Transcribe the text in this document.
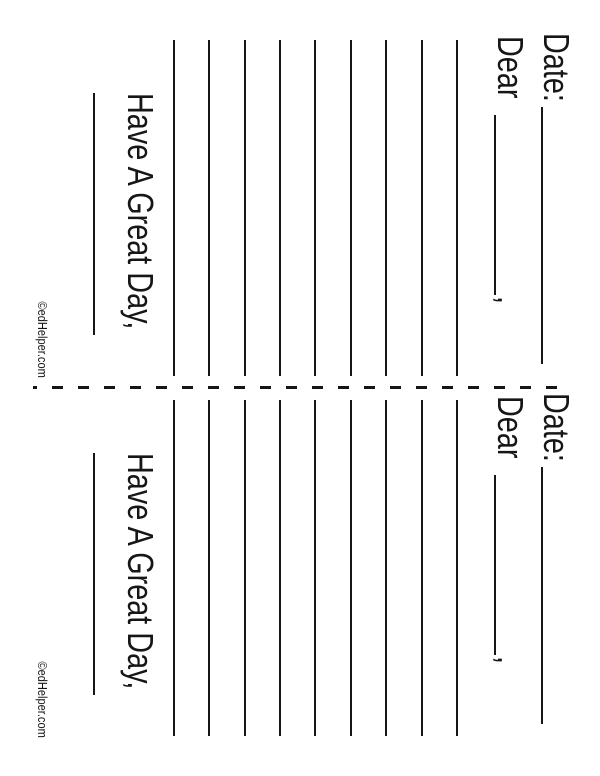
Date:
Dear
,
Have A Great Day,
©edHelper.com
Date:
Dear
,
Have A Great Day,
©edHelper.com
